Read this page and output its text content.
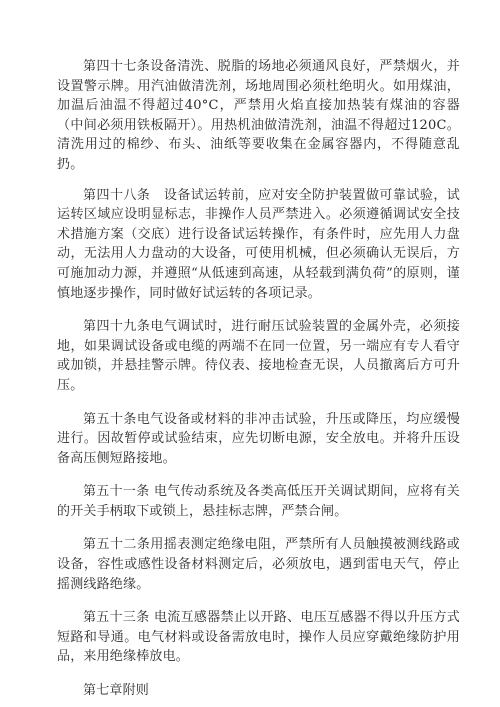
第四十七条设备清洗、脱脂的场地必须通风良好，严禁烟火，并设置警示牌。用汽油做清洗剂，场地周围必须杜绝明火。如用煤油，加温后油温不得超过40°C，严禁用火焰直接加热装有煤油的容器（中间必须用铁板隔开）。用热机油做清洗剂，油温不得超过120C。清洗用过的棉纱、布头、油纸等要收集在金属容器内，不得随意乱扔。

第四十八条　设备试运转前，应对安全防护装置做可靠试验，试运转区域应设明显标志，非操作人员严禁进入。必须遵循调试安全技术措施方案（交底）进行设备试运转操作，有条件时，应先用人力盘动，无法用人力盘动的大设备，可使用机械，但必须确认无误后，方可施加动力源，并遵照“从低速到高速，从轻载到满负荷”的原则，谨慎地逐步操作，同时做好试运转的各项记录。

第四十九条电气调试时，进行耐压试验装置的金属外壳，必须接地，如果调试设备或电缆的两端不在同一位置，另一端应有专人看守或加锁，并悬挂警示牌。待仪表、接地检查无误，人员撤离后方可升压。

第五十条电气设备或材料的非冲击试验，升压或降压，均应缓慢进行。因故暂停或试验结束，应先切断电源，安全放电。并将升压设备高压侧短路接地。

第五十一条 电气传动系统及各类高低压开关调试期间，应将有关的开关手柄取下或锁上，悬挂标志牌，严禁合闸。

第五十二条用摇表测定绝缘电阻，严禁所有人员触摸被测线路或设备，容性或感性设备材料测定后，必须放电，遇到雷电天气，停止摇测线路绝缘。

第五十三条 电流互感器禁止以开路、电压互感器不得以升压方式短路和导通。电气材料或设备需放电时，操作人员应穿戴绝缘防护用品，来用绝缘棒放电。

第七章附则
